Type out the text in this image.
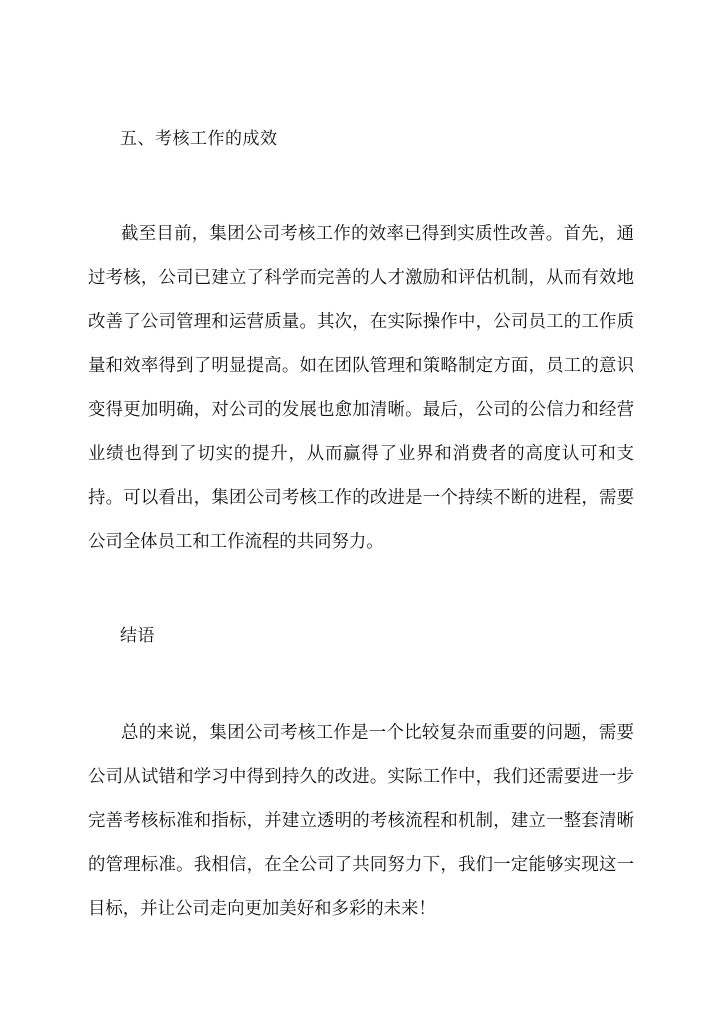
五、考核工作的成效

截至目前，集团公司考核工作的效率已得到实质性改善。首先，通过考核，公司已建立了科学而完善的人才激励和评估机制，从而有效地改善了公司管理和运营质量。其次，在实际操作中，公司员工的工作质量和效率得到了明显提高。如在团队管理和策略制定方面，员工的意识变得更加明确，对公司的发展也愈加清晰。最后，公司的公信力和经营业绩也得到了切实的提升，从而赢得了业界和消费者的高度认可和支持。可以看出，集团公司考核工作的改进是一个持续不断的进程，需要公司全体员工和工作流程的共同努力。

结语

总的来说，集团公司考核工作是一个比较复杂而重要的问题，需要公司从试错和学习中得到持久的改进。实际工作中，我们还需要进一步完善考核标准和指标，并建立透明的考核流程和机制，建立一整套清晰的管理标准。我相信，在全公司了共同努力下，我们一定能够实现这一目标，并让公司走向更加美好和多彩的未来！
